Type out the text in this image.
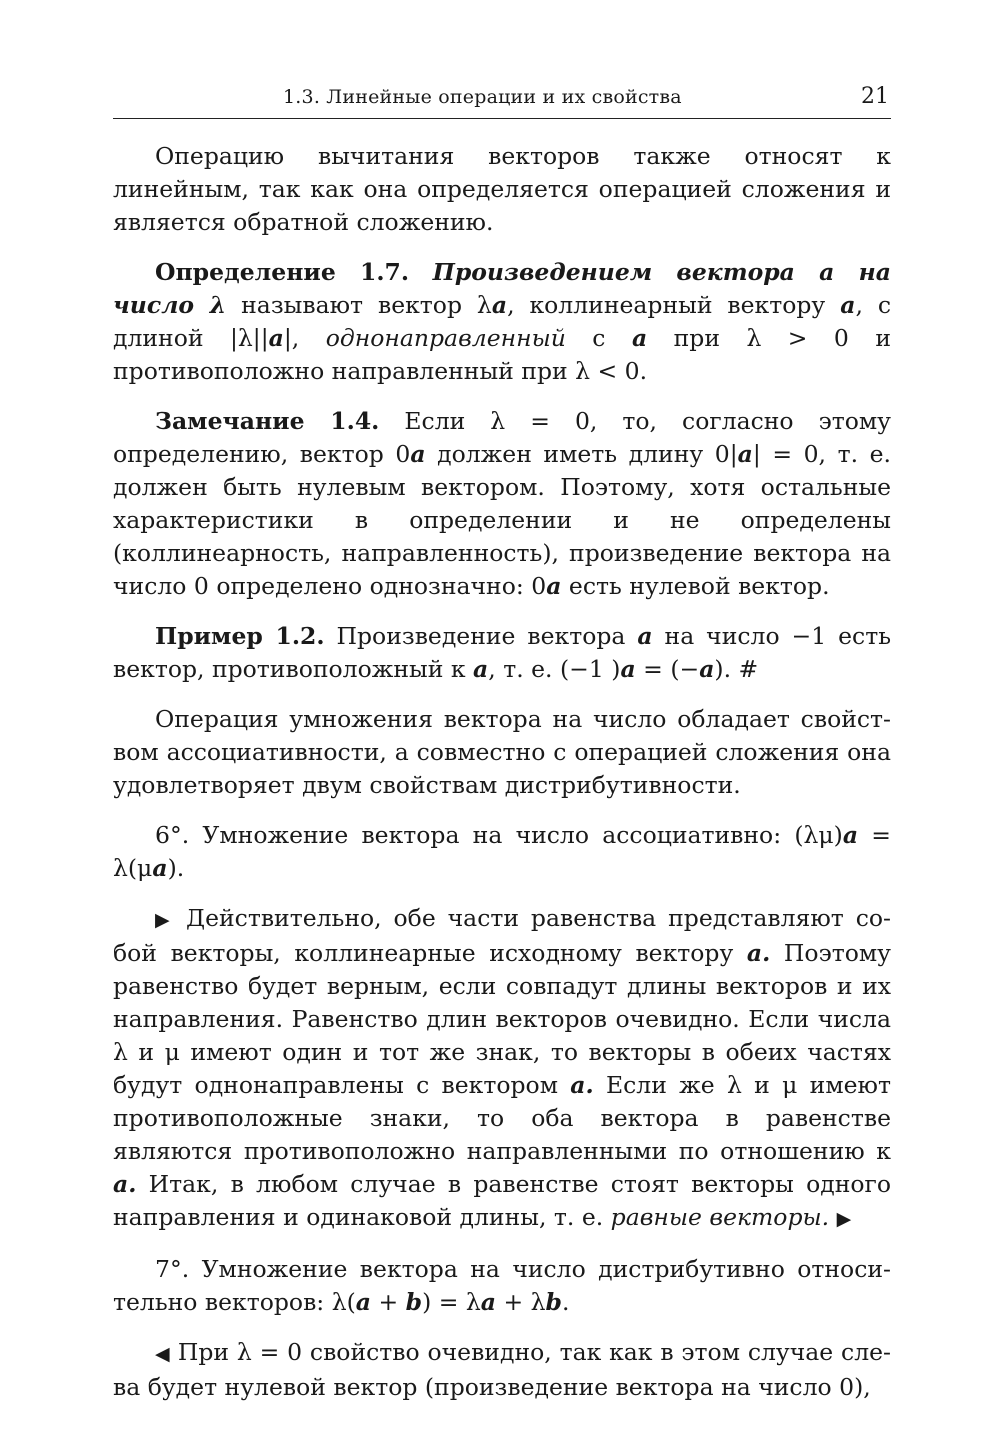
1.3. Линейные операции и их свойства	21

Операцию вычитания векторов также относят к линейным, так как она определяется операцией сложения и является обратной сложению.

Определение 1.7. Произведением вектора a на число λ называют вектор λa, коллинеарный вектору a, с длиной |λ||a|, однонаправленный с a при λ > 0 и противоположно направленный при λ < 0.

Замечание 1.4. Если λ = 0, то, согласно этому определению, вектор 0a должен иметь длину 0|a| = 0, т. е. должен быть нулевым вектором. Поэтому, хотя остальные характеристики в определении и не определены (коллинеарность, направленность), произведение вектора на число 0 определено однозначно: 0a есть нулевой вектор.

Пример 1.2. Произведение вектора a на число −1 есть вектор, противоположный к a, т. е. (−1 )a = (−a). #

Операция умножения вектора на число обладает свойством ассоциативности, а совместно с операцией сложения она удовлетворяет двум свойствам дистрибутивности.

6°. Умножение вектора на число ассоциативно: (λμ)a = λ(μa).

▶ Действительно, обе части равенства представляют собой векторы, коллинеарные исходному вектору a. Поэтому равенство будет верным, если совпадут длины векторов и их направления. Равенство длин векторов очевидно. Если числа λ и μ имеют один и тот же знак, то векторы в обеих частях будут однонаправлены с вектором a. Если же λ и μ имеют противоположные знаки, то оба вектора в равенстве являются противоположно направленными по отношению к a. Итак, в любом случае в равенстве стоят векторы одного направления и одинаковой длины, т. е. равные векторы. ▶

7°. Умножение вектора на число дистрибутивно относительно векторов: λ(a + b) = λa + λb.

◀ При λ = 0 свойство очевидно, так как в этом случае слева будет нулевой вектор (произведение вектора на число 0),
